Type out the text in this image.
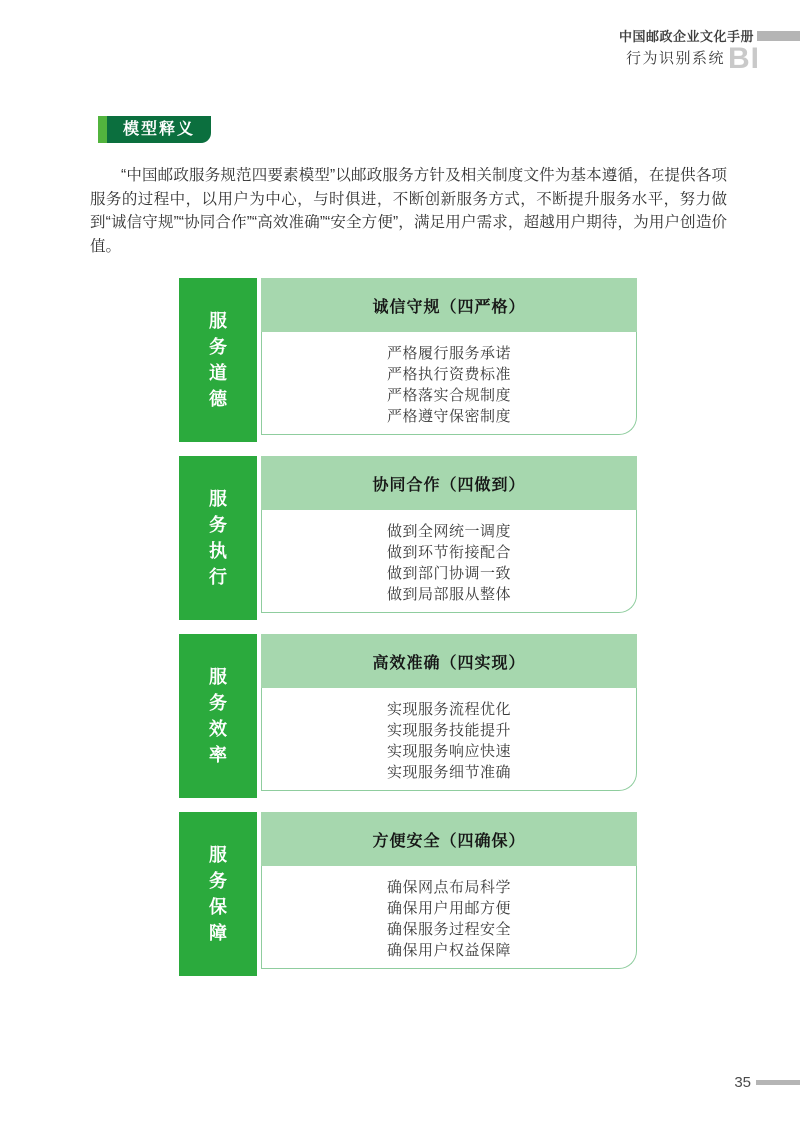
中国邮政企业文化手册
行为识别系统 BI
模型释义

“中国邮政服务规范四要素模型”以邮政服务方针及相关制度文件为基本遵循，在提供各项服务的过程中，以用户为中心，与时俱进，不断创新服务方式，不断提升服务水平，努力做到“诚信守规”“协同合作”“高效准确”“安全方便”，满足用户需求，超越用户期待，为用户创造价值。

服务道德
诚信守规（四严格）
严格履行服务承诺
严格执行资费标准
严格落实合规制度
严格遵守保密制度
服务执行
协同合作（四做到）
做到全网统一调度
做到环节衔接配合
做到部门协调一致
做到局部服从整体
服务效率
高效准确（四实现）
实现服务流程优化
实现服务技能提升
实现服务响应快速
实现服务细节准确
服务保障
方便安全（四确保）
确保网点布局科学
确保用户用邮方便
确保服务过程安全
确保用户权益保障
35
